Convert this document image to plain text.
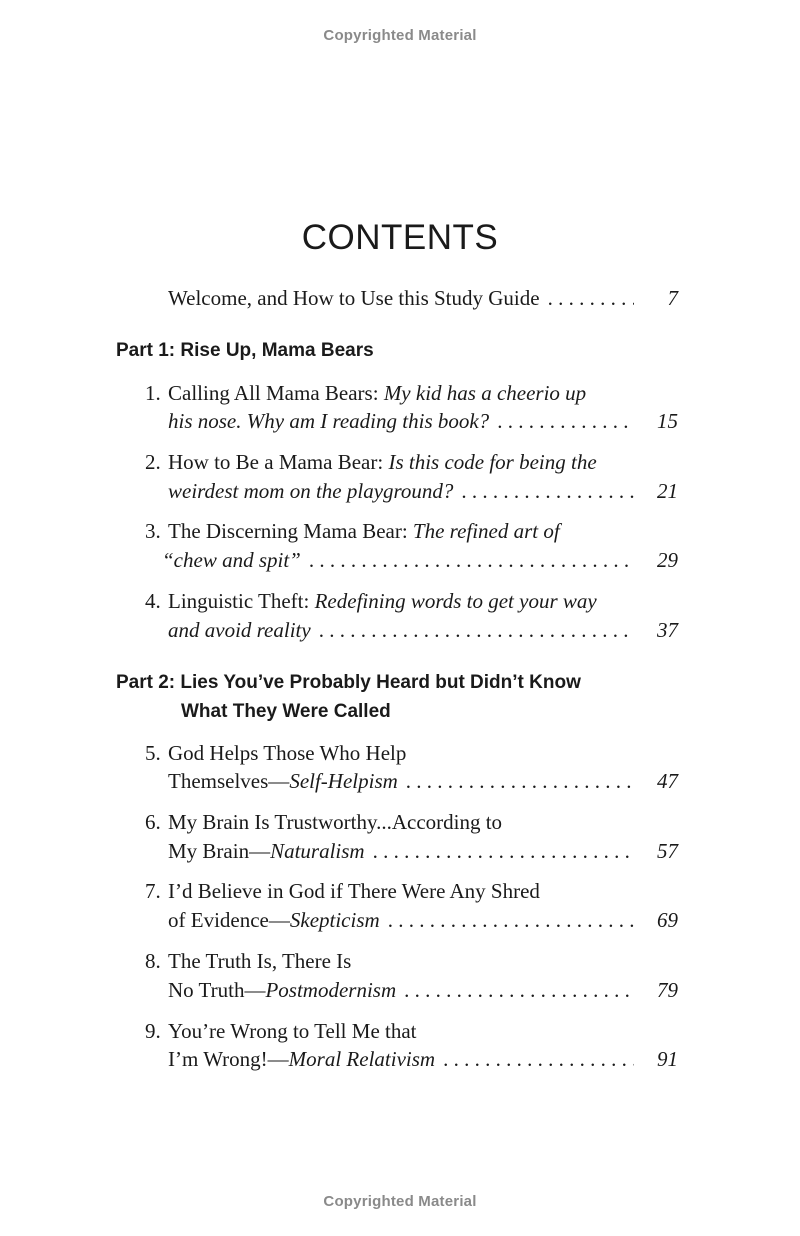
Copyrighted Material
CONTENTS
Welcome, and How to Use this Study Guide . . .	7
Part 1: Rise Up, Mama Bears
1. Calling All Mama Bears: My kid has a cheerio up
his nose. Why am I reading this book? . . .	15
2. How to Be a Mama Bear: Is this code for being the
weirdest mom on the playground? . . .	21
3. The Discerning Mama Bear: The refined art of
“chew and spit” . . .	29
4. Linguistic Theft: Redefining words to get your way
and avoid reality . . .	37
Part 2: Lies You’ve Probably Heard but Didn’t Know
What They Were Called
5. God Helps Those Who Help
Themselves—Self-Helpism . . .	47
6. My Brain Is Trustworthy...According to
My Brain—Naturalism . . .	57
7. I’d Believe in God if There Were Any Shred
of Evidence—Skepticism . . .	69
8. The Truth Is, There Is
No Truth—Postmodernism . . .	79
9. You’re Wrong to Tell Me that
I’m Wrong!—Moral Relativism . . .	91
Copyrighted Material
